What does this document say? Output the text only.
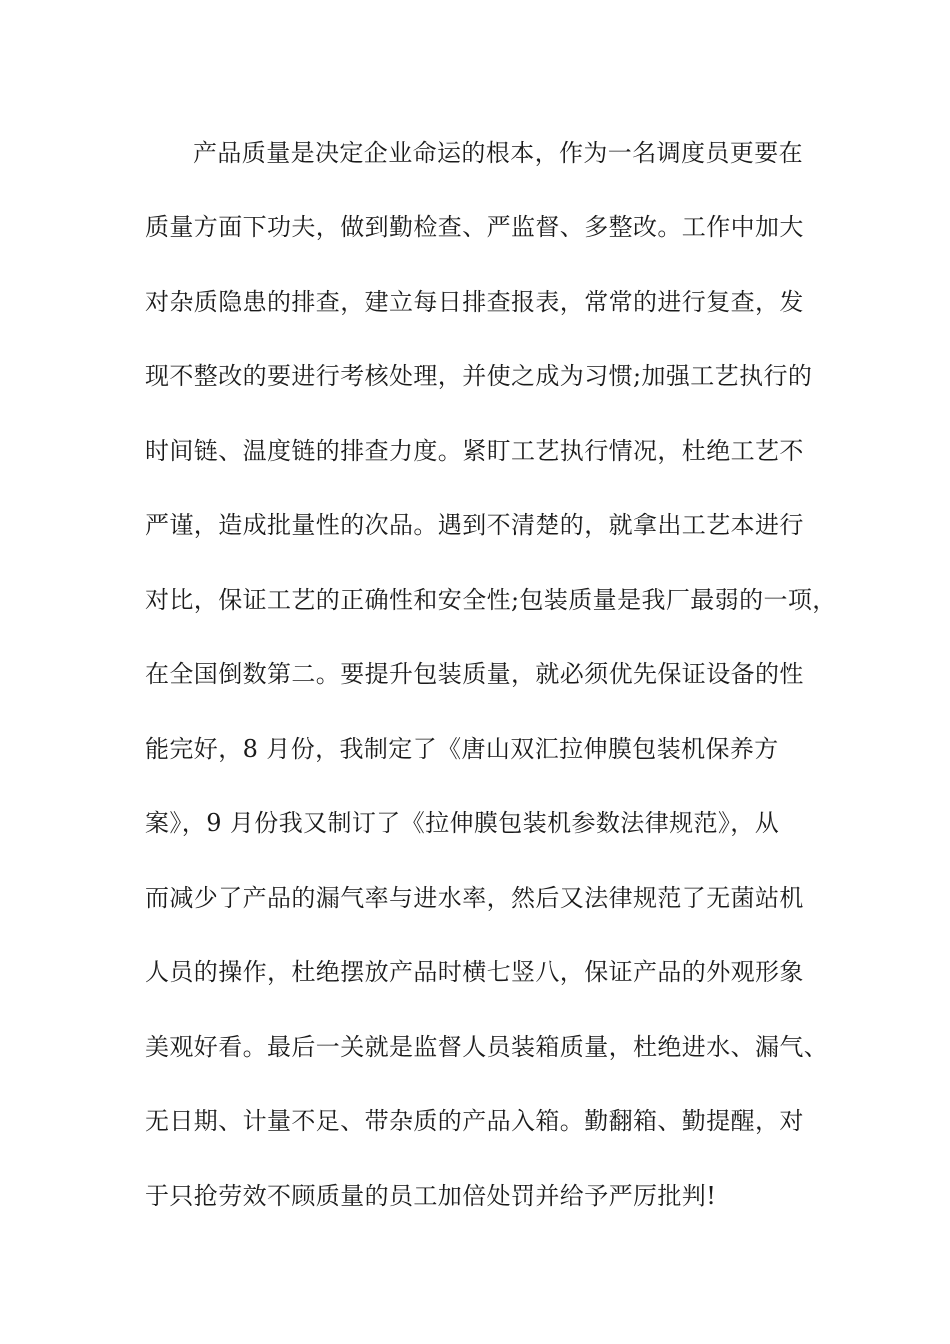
产品质量是决定企业命运的根本，作为一名调度员更要在
质量方面下功夫，做到勤检查、严监督、多整改。工作中加大
对杂质隐患的排查，建立每日排查报表，常常的进行复查，发
现不整改的要进行考核处理，并使之成为习惯;加强工艺执行的
时间链、温度链的排查力度。紧盯工艺执行情况，杜绝工艺不
严谨，造成批量性的次品。遇到不清楚的，就拿出工艺本进行
对比，保证工艺的正确性和安全性;包装质量是我厂最弱的一项，
在全国倒数第二。要提升包装质量，就必须优先保证设备的性
能完好，8 月份，我制定了《唐山双汇拉伸膜包装机保养方
案》，9 月份我又制订了《拉伸膜包装机参数法律规范》，从
而减少了产品的漏气率与进水率，然后又法律规范了无菌站机
人员的操作，杜绝摆放产品时横七竖八，保证产品的外观形象
美观好看。最后一关就是监督人员装箱质量，杜绝进水、漏气、
无日期、计量不足、带杂质的产品入箱。勤翻箱、勤提醒，对
于只抢劳效不顾质量的员工加倍处罚并给予严厉批判!
